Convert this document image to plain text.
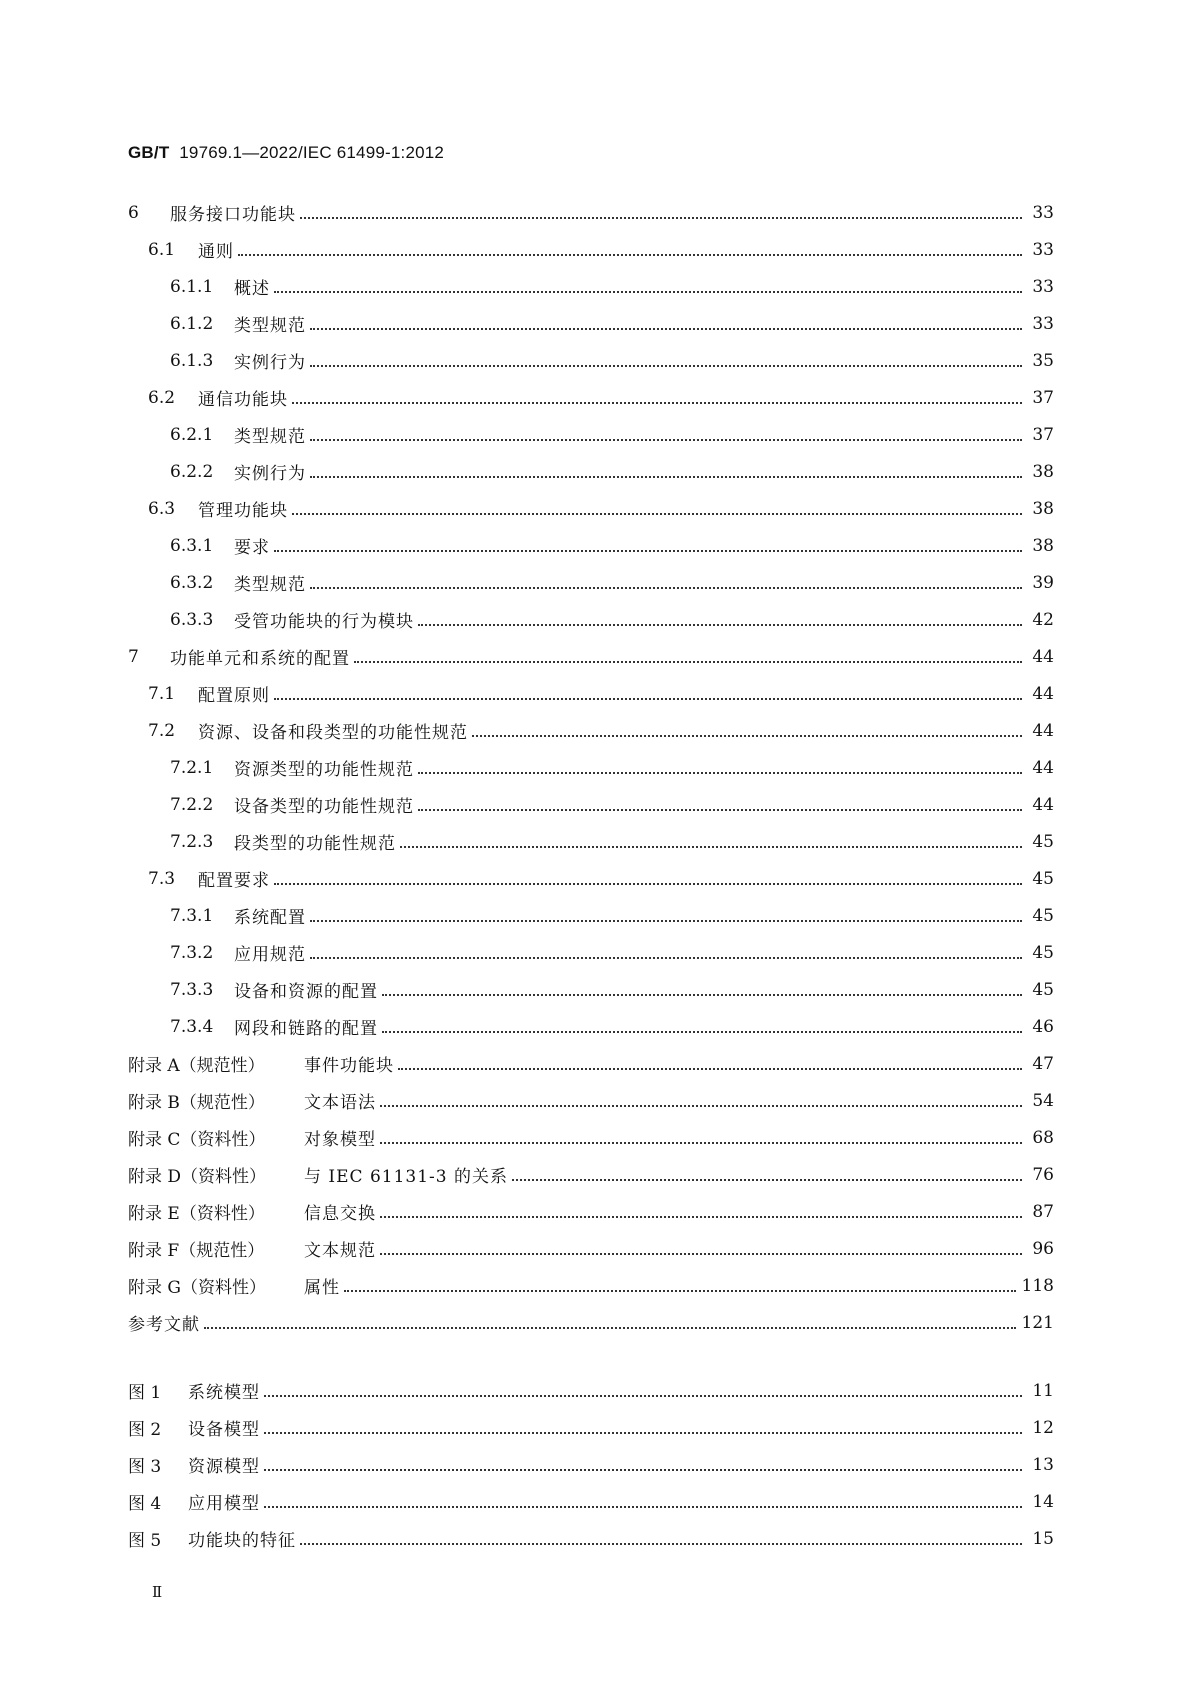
GB/T 19769.1—2022/IEC 61499-1:2012
6	服务接口功能块	33
6.1	通则	33
6.1.1	概述	33
6.1.2	类型规范	33
6.1.3	实例行为	35
6.2	通信功能块	37
6.2.1	类型规范	37
6.2.2	实例行为	38
6.3	管理功能块	38
6.3.1	要求	38
6.3.2	类型规范	39
6.3.3	受管功能块的行为模块	42
7	功能单元和系统的配置	44
7.1	配置原则	44
7.2	资源、设备和段类型的功能性规范	44
7.2.1	资源类型的功能性规范	44
7.2.2	设备类型的功能性规范	44
7.2.3	段类型的功能性规范	45
7.3	配置要求	45
7.3.1	系统配置	45
7.3.2	应用规范	45
7.3.3	设备和资源的配置	45
7.3.4	网段和链路的配置	46
附录 A（规范性）	事件功能块	47
附录 B（规范性）	文本语法	54
附录 C（资料性）	对象模型	68
附录 D（资料性）	与 IEC 61131-3 的关系	76
附录 E（资料性）	信息交换	87
附录 F（规范性）	文本规范	96
附录 G（资料性）	属性	118
参考文献	121
图 1	系统模型	11
图 2	设备模型	12
图 3	资源模型	13
图 4	应用模型	14
图 5	功能块的特征	15
Ⅱ
